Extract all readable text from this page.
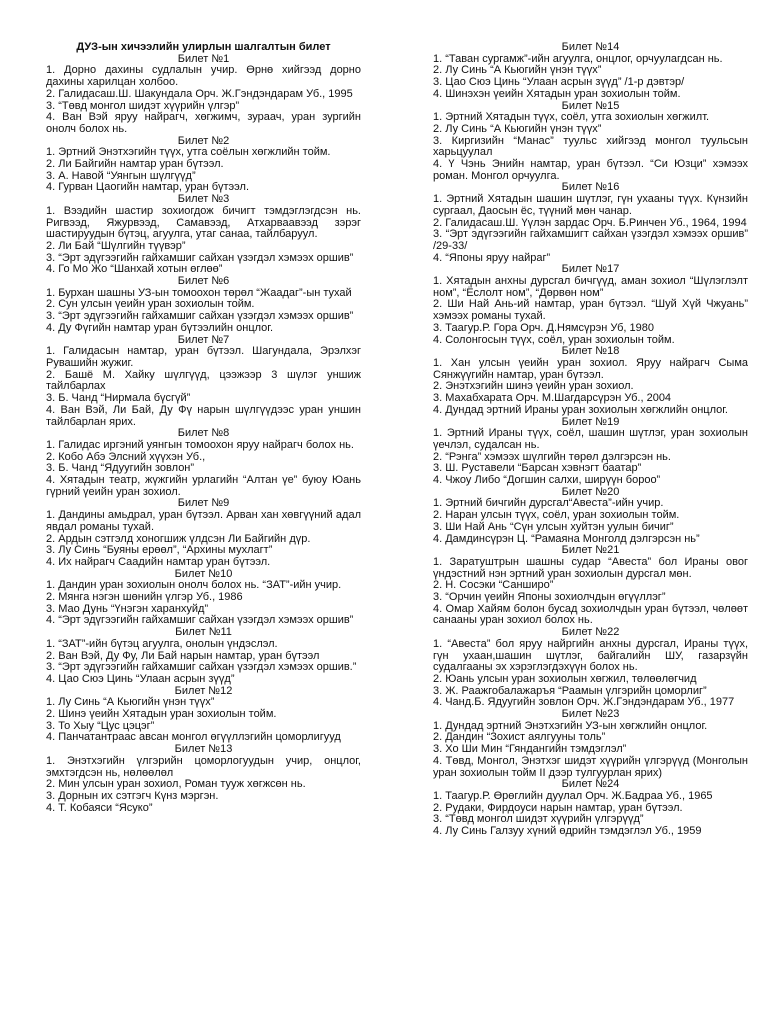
ДУЗ-ын хичээлийн улирлын шалгалтын билет
Билет №1
1. Дорно дахины судлалын учир. Өрнө хийгээд дорно дахины харилцан холбоо.
2. Галидасаш.Ш. Шакундала Орч. Ж.Гэндэндарам Уб., 1995
3. “Төвд монгол шидэт хүүрийн үлгэр”
4. Ван Вэй яруу найрагч, хөгжимч, зураач, уран зургийн онолч болох нь.
Билет №2
1. Эртний Энэтхэгийн түүх, утга соёлын хөгжлийн тойм.
2. Ли Байгийн намтар уран бүтээл.
3. А. Навой “Уянгын шүлгүүд”
4. Гурван Цаогийн намтар, уран бүтээл.
Билет №3
1. Вээдийн шастир зохиогдож бичигт тэмдэглэгдсэн нь. Ригвээд, Яжурвээд, Самавээд, Атхарваавээд зэрэг шастируудын бүтэц, агуулга, утаг санаа, тайлбаруул.
2. Ли Бай “Шүлгийн түүвэр”
3. “Эрт эдүгээгийн гайхамшиг сайхан үзэгдэл хэмээх оршив”
4. Го Мо Жо “Шанхай хотын өглөө”
Билет №6
1. Бурхан шашны УЗ-ын томоохон төрөл “Жаадаг”-ын тухай
2. Сун улсын үеийн уран зохиолын тойм.
3. “Эрт эдүгээгийн гайхамшиг сайхан үзэгдэл хэмээх оршив”
4. Ду Фүгийн намтар уран бүтээлийн онцлог.
Билет №7
1. Галидасын намтар, уран бүтээл. Шагундала, Эрэлхэг Рувашийн жужиг.
2. Башё М. Хайку шүлгүүд, цээжээр 3 шүлэг уншиж тайлбарлах
3. Б. Чанд “Нирмала бүсгүй”
4. Ван Вэй, Ли Бай, Ду Фү нарын шүлгүүдээс уран уншин тайлбарлан ярих.
Билет №8
1. Галидас иргэний уянгын томоохон яруу найрагч болох нь.
2. Кобо Абэ Элсний хүүхэн Уб.,
3. Б. Чанд “Ядуугийн зовлон”
4. Хятадын театр, жүжгийн урлагийн “Алтан үе” буюу Юань гүрний үеийн уран зохиол.
Билет №9
1. Дандины амьдрал, уран бүтээл. Арван хан хөвгүүний адал явдал романы тухай.
2. Ардын сэтгэлд хоногшиж үлдсэн Ли Байгийн дүр.
3. Лу Синь “Буяны ерөөл”, “Архины мухлагт”
4. Их найрагч Саадийн намтар уран бүтээл.
Билет №10
1. Дандин уран зохиолын онолч болох нь. “ЗАТ”-ийн учир.
2. Мянга нэгэн шөнийн үлгэр Уб., 1986
3. Мао Дунь “Үнэгэн харанхуйд”
4. “Эрт эдүгээгийн гайхамшиг сайхан үзэгдэл хэмээх оршив”
Билет №11
1. “ЗАТ”-ийн бүтэц агуулга, онолын үндэслэл.
2. Ван Вэй, Ду Фу, Ли Бай нарын намтар, уран бүтээл
3. “Эрт эдүгээгийн гайхамшиг сайхан үзэгдэл хэмээх оршив.”
4. Цао Сюэ Цинь “Улаан асрын зүүд”
Билет №12
1. Лу Синь “А Кьюгийн үнэн түүх”
2. Шинэ үеийн Хятадын уран зохиолын тойм.
3. То Хыу “Цус цэцэг”
4. Панчатантраас авсан монгол өгүүллэгийн цоморлигууд
Билет №13
1. Энэтхэгийн үлгэрийн цоморлогуудын учир, онцлог, эмхтэгдсэн нь, нөлөөлөл
2. Мин улсын уран зохиол, Роман тууж хөгжсөн нь.
3. Дорнын их сэтгэгч Күнз мэргэн.
4. Т. Кобаяси “Ясуко”
Билет №14
1. “Таван сургамж”-ийн агуулга, онцлог, орчуулагдсан нь.
2. Лу Синь “А Кьюгийн үнэн түүх”
3. Цао Сюэ Цинь “Улаан асрын зүүд” /1-р дэвтэр/
4. Шинэхэн үеийн Хятадын уран зохиолын тойм.
Билет №15
1. Эртний Хятадын түүх, соёл, утга зохиолын хөгжилт.
2. Лу Синь “А Кьюгийн үнэн түүх”
3. Киргизийн “Манас” туульс хийгээд монгол туульсын харьцуулал
4. Ү Чэнь Энийн намтар, уран бүтээл. “Си Юзци” хэмээх роман. Монгол орчуулга.
Билет №16
1. Эртний Хятадын шашин шүтлэг, гүн ухааны түүх. Күнзийн сургаал, Даосын ёс, түүний мөн чанар.
2. Галидасаш.Ш. Үүлэн зардас Орч. Б.Ринчен Уб., 1964, 1994
3. “Эрт эдүгээгийн гайхамшигт сайхан үзэгдэл хэмээх оршив” /29-33/
4. “Японы яруу найраг”
Билет №17
1. Хятадын анхны дурсгал бичгүүд, аман зохиол “Шүлэглэлт ном”, “Ёслолт ном”, “Дөрвөн ном”
2. Ши Най Ань-ий намтар, уран бүтээл. “Шуй Хүй Чжуань” хэмээх романы тухай.
3. Таагур.Р. Гора Орч. Д.Нямсүрэн Уб, 1980
4. Солонгосын түүх, соёл, уран зохиолын тойм.
Билет №18
1. Хан улсын үеийн уран зохиол. Яруу найрагч Сыма Сянжүүгийн намтар, уран бүтээл.
2. Энэтхэгийн шинэ үеийн уран зохиол.
3. Махабхарата Орч. М.Шагдарсүрэн Уб., 2004
4. Дундад эртний Ираны уран зохиолын хөгжлийн онцлог.
Билет №19
1. Эртний Ираны түүх, соёл, шашин шүтлэг, уран зохиолын үечлэл, судалсан нь.
2. “Рэнга” хэмээх шүлгийн төрөл дэлгэрсэн нь.
3. Ш. Руставели “Барсан хэвнэгт баатар”
4. Чжоу Либо “Догшин салхи, ширүүн бороо”
Билет №20
1. Эртний бичгийн дурсгал“Авеста”-ийн учир.
2. Наран улсын түүх, соёл, уран зохиолын тойм.
3. Ши Най Ань “Сүн улсын хуйтэн уулын бичиг”
4. Дамдинсүрэн Ц. “Рамаяна Монголд дэлгэрсэн нь”
Билет №21
1. Заратуштрын шашны судар “Авеста” бол Ираны овог үндэстний нэн эртний уран зохиолын дурсгал мөн.
2. Н. Сосэки “Санширо”
3. “Орчин үеийн Японы зохиолчдын өгүүллэг”
4. Омар Хайям болон бусад зохиолчдын уран бүтээл, чөлөөт санааны уран зохиол болох нь.
Билет №22
1. “Авеста” бол яруу найргийн анхны дурсгал, Ираны түүх, гүн ухаан,шашин шүтлэг, байгалийн ШУ, газарзүйн судалгааны эх хэрэглэгдэхүүн болох нь.
2. Юань улсын уран зохиолын хөгжил, төлөөлөгчид
3. Ж. Раажгобалажаръя “Раамын үлгэрийн цоморлиг”
4. Чанд.Б. Ядуугийн зовлон Орч. Ж.Гэндэндарам Уб., 1977
Билет №23
1. Дундад эртний Энэтхэгийн УЗ-ын хөгжлийн онцлог.
2. Дандин “Зохист аялгууны толь”
3. Хо Ши Мин “Гяндангийн тэмдэглэл”
4. Төвд, Монгол, Энэтхэг шидэт хүүрийн үлгэрүүд (Монголын уран зохиолын тойм II дээр тулгуурлан ярих)
Билет №24
1. Таагур.Р. Өрөглийн дуулал Орч. Ж.Бадраа Уб., 1965
2. Рудаки, Фирдоуси нарын намтар, уран бүтээл.
3. “Төвд монгол шидэт хүүрийн үлгэрүүд”
4. Лу Синь Галзуу хүний өдрийн тэмдэглэл Уб., 1959
